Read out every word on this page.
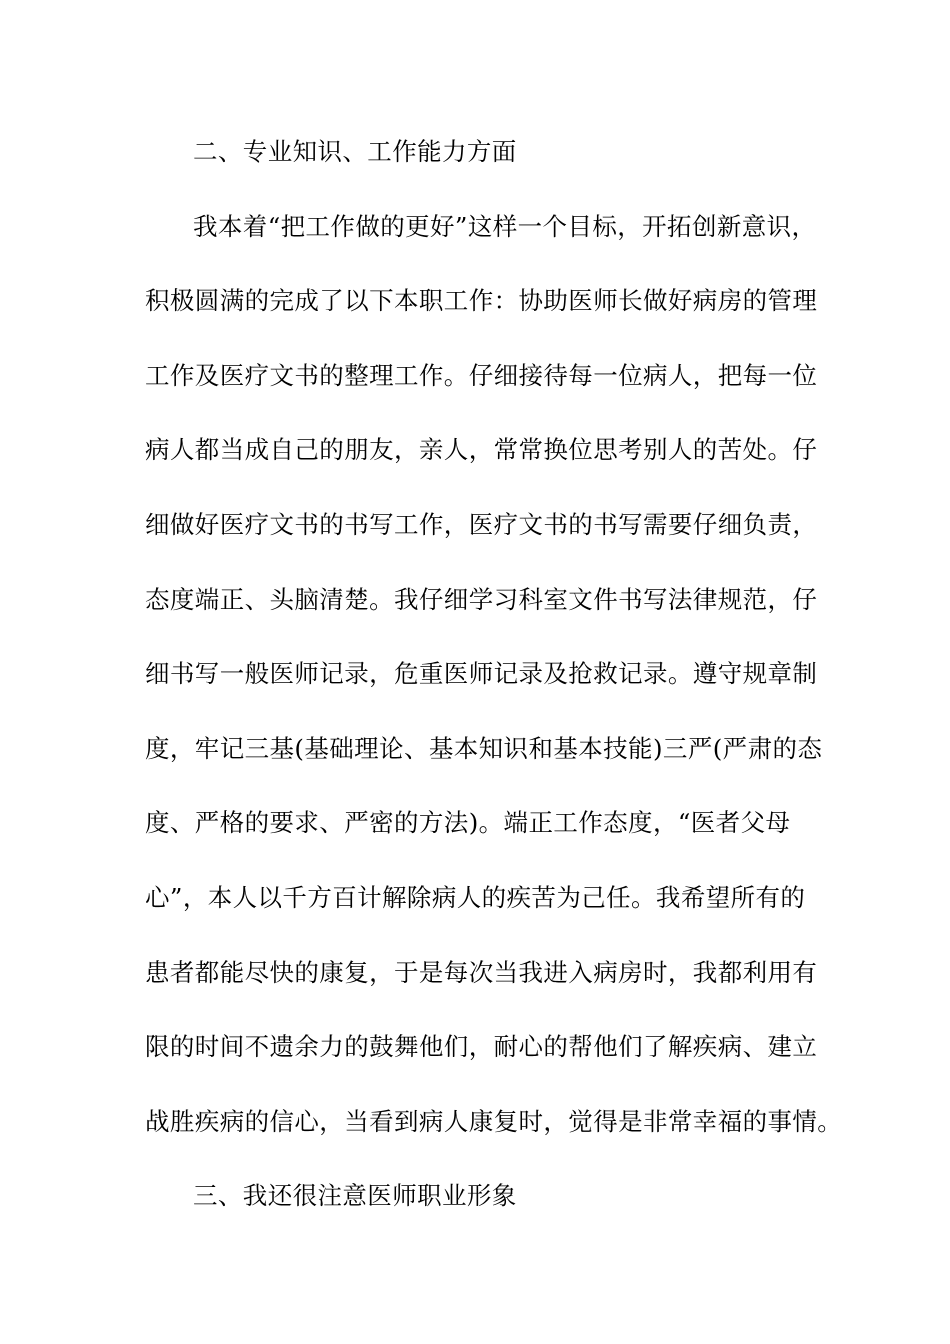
二、专业知识、工作能力方面
我本着“把工作做的更好”这样一个目标，开拓创新意识，
积极圆满的完成了以下本职工作：协助医师长做好病房的管理
工作及医疗文书的整理工作。仔细接待每一位病人，把每一位
病人都当成自己的朋友，亲人，常常换位思考别人的苦处。仔
细做好医疗文书的书写工作，医疗文书的书写需要仔细负责，
态度端正、头脑清楚。我仔细学习科室文件书写法律规范，仔
细书写一般医师记录，危重医师记录及抢救记录。遵守规章制
度，牢记三基(基础理论、基本知识和基本技能)三严(严肃的态
度、严格的要求、严密的方法)。端正工作态度，“医者父母
心”，本人以千方百计解除病人的疾苦为己任。我希望所有的
患者都能尽快的康复，于是每次当我进入病房时，我都利用有
限的时间不遗余力的鼓舞他们，耐心的帮他们了解疾病、建立
战胜疾病的信心，当看到病人康复时，觉得是非常幸福的事情。
三、我还很注意医师职业形象
